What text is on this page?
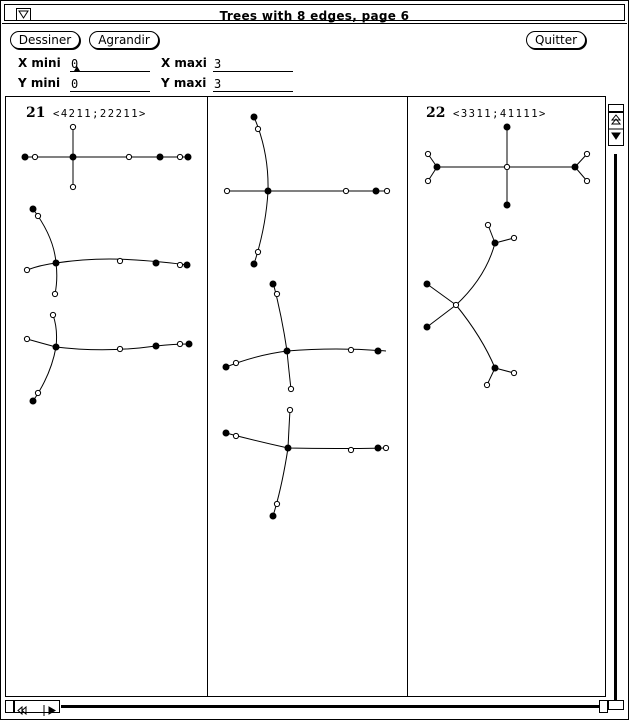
Trees with 8 edges, page 6
Dessiner	Agrandir	Quitter
X mini 0
Y mini 0
X maxi 3
Y maxi 3
21 <4211;22211>	22 <3311;41111>
